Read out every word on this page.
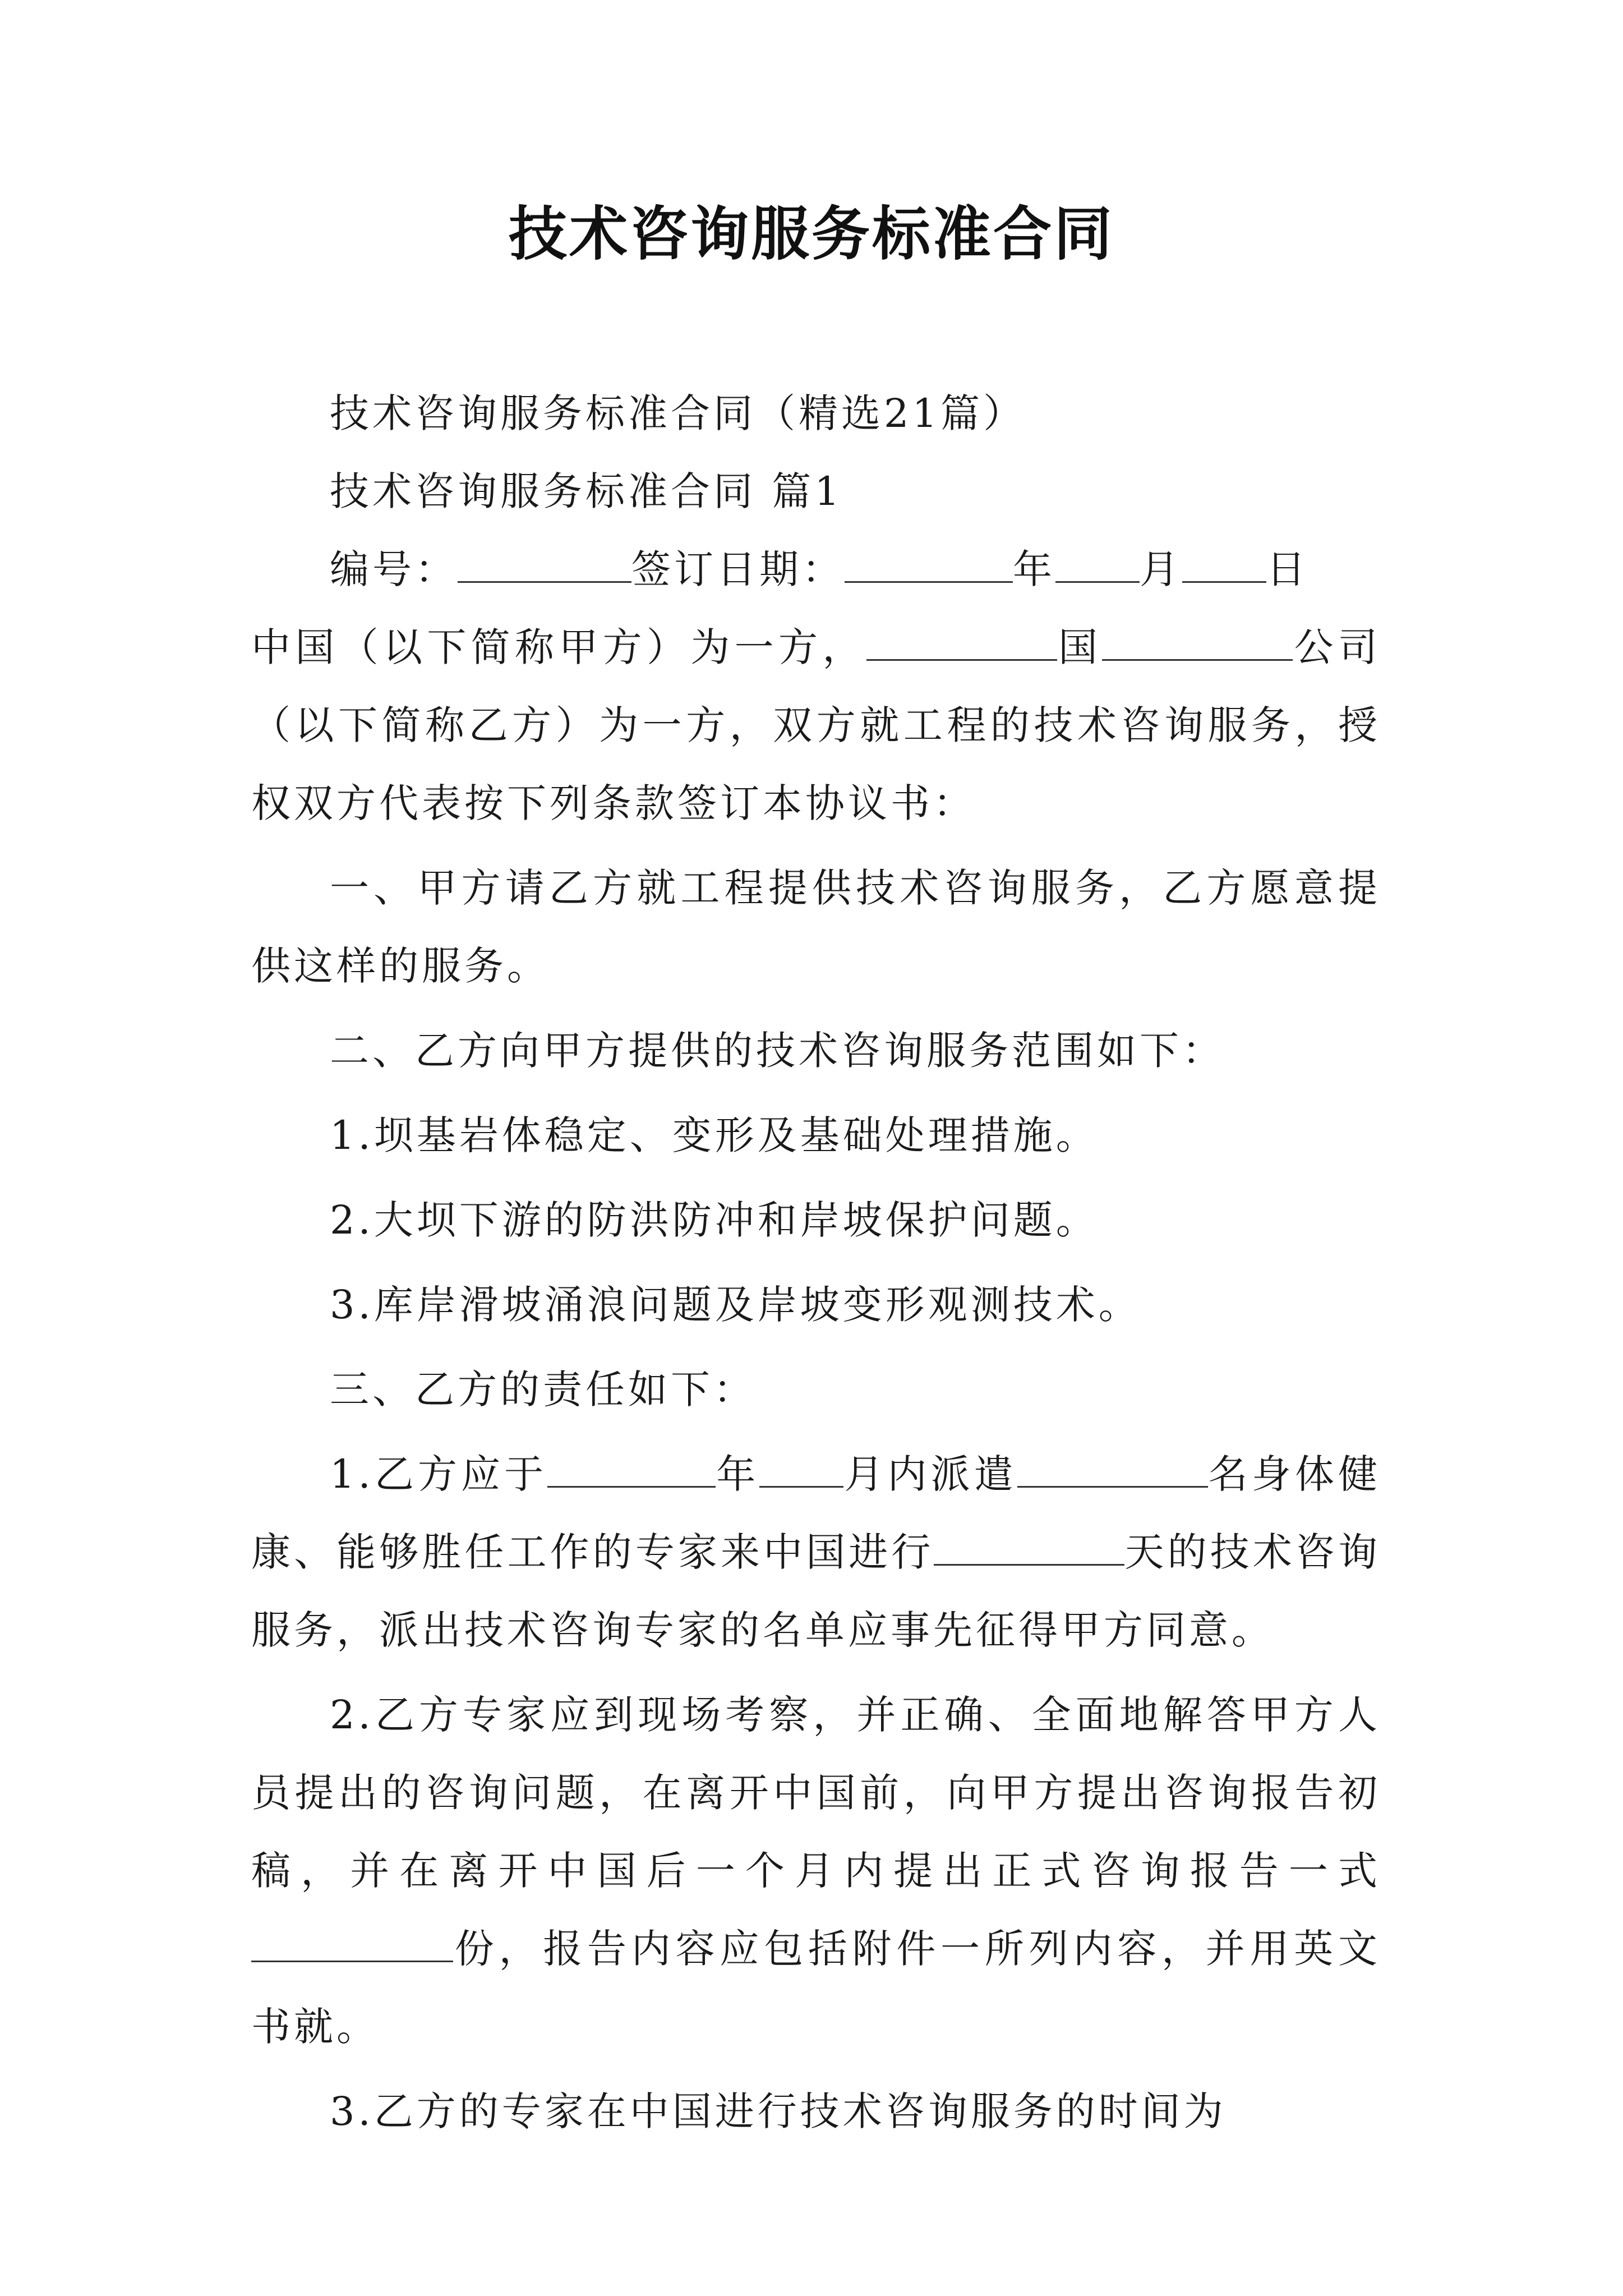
技术咨询服务标准合同

技术咨询服务标准合同（精选21篇）

技术咨询服务标准合同 篇1

编号：	签订日期：	年 月 日

中国（以下简称甲方）为一方，	国	公司（以下简称乙方）为一方，双方就工程的技术咨询服务，授权双方代表按下列条款签订本协议书：

一、甲方请乙方就工程提供技术咨询服务，乙方愿意提供这样的服务。

二、乙方向甲方提供的技术咨询服务范围如下：

1.坝基岩体稳定、变形及基础处理措施。

2.大坝下游的防洪防冲和岸坡保护问题。

3.库岸滑坡涌浪问题及岸坡变形观测技术。

三、乙方的责任如下：

1.乙方应于	年 月内派遣	名身体健康、能够胜任工作的专家来中国进行	天的技术咨询服务，派出技术咨询专家的名单应事先征得甲方同意。

2.乙方专家应到现场考察，并正确、全面地解答甲方人员提出的咨询问题，在离开中国前，向甲方提出咨询报告初稿，并在离开中国后一个月内提出正式咨询报告一式份，报告内容应包括附件一所列内容，并用英文书就。

3.乙方的专家在中国进行技术咨询服务的时间为
